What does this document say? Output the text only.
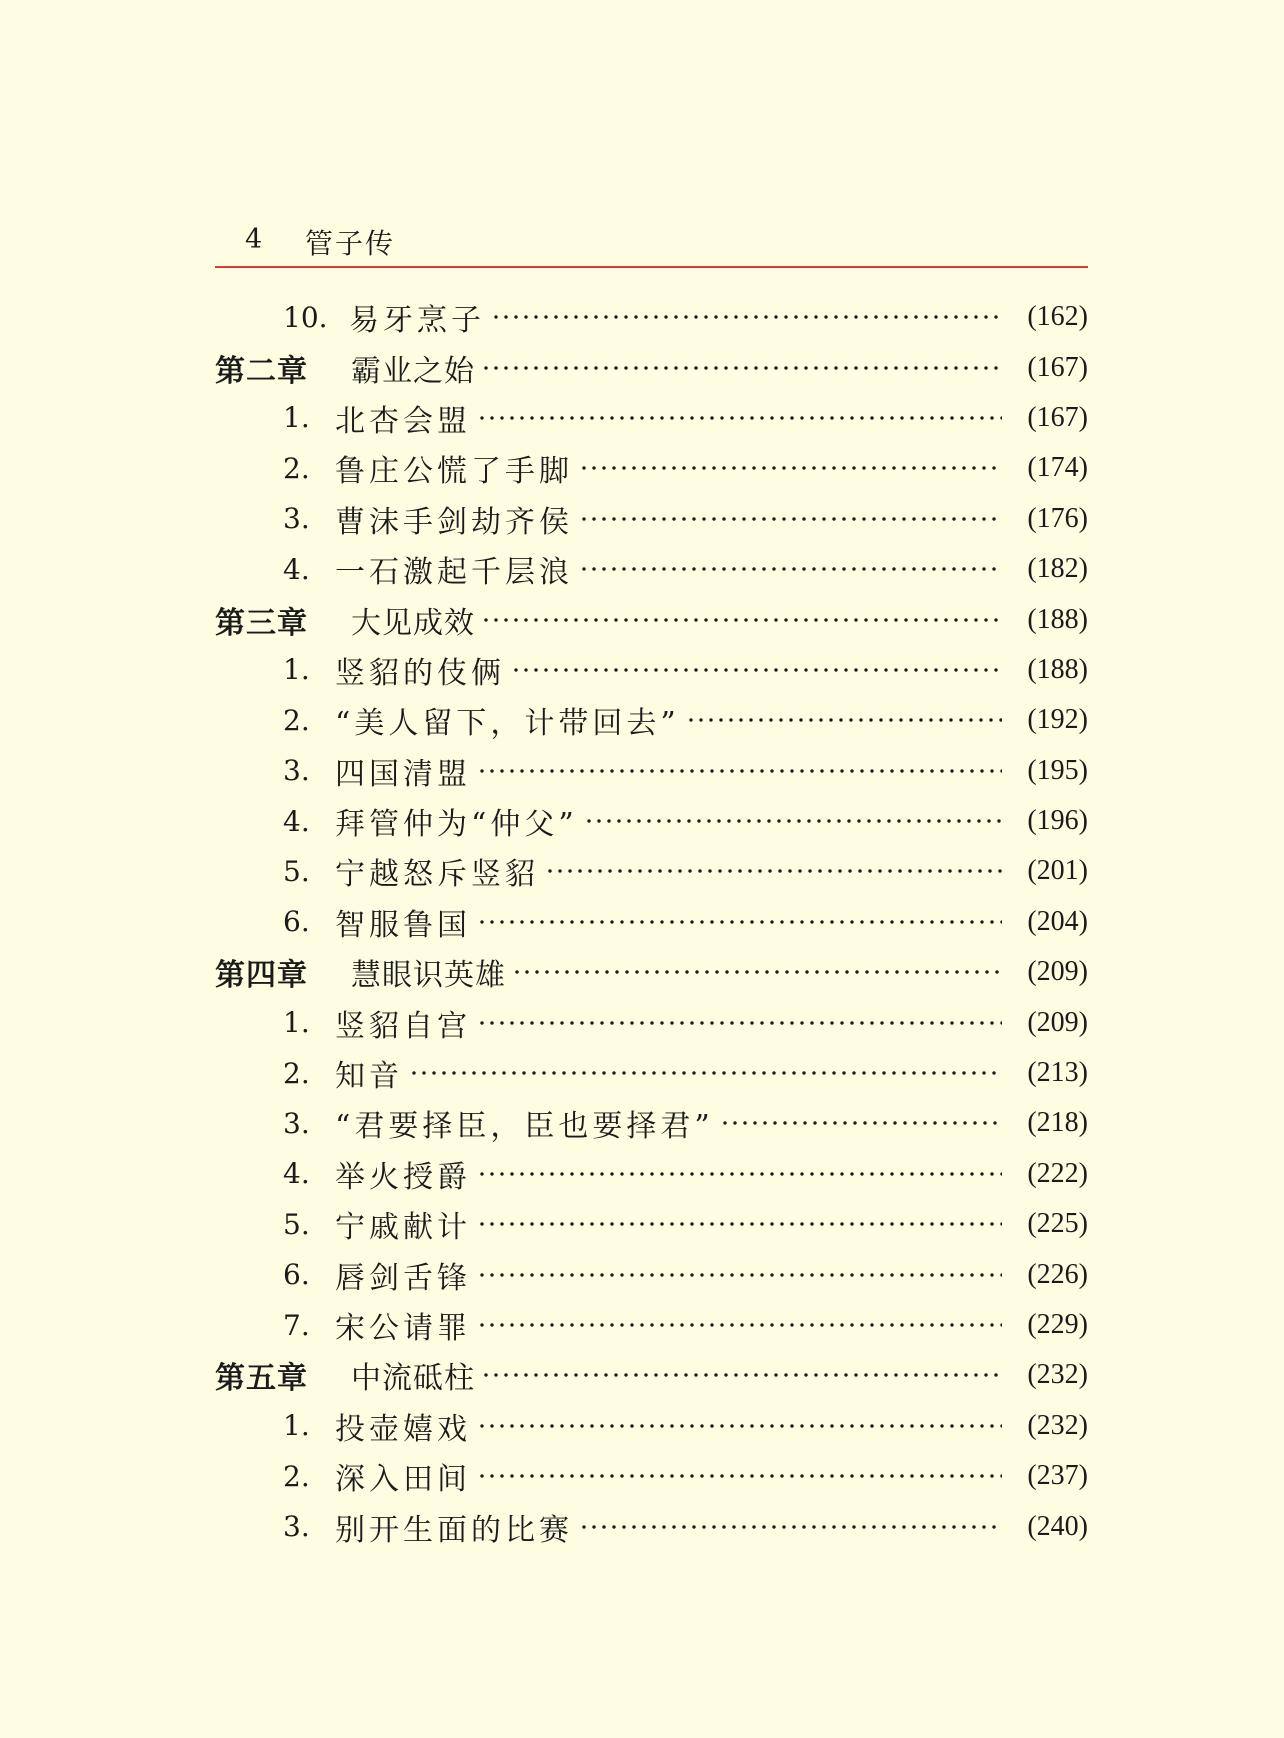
4 管子传
10. 易牙烹子	(162)
第二章	霸业之始	(167)
1. 北杏会盟	(167)
2. 鲁庄公慌了手脚	(174)
3. 曹沫手剑劫齐侯	(176)
4. 一石激起千层浪	(182)
第三章	大见成效	(188)
1. 竖貂的伎俩	(188)
2. “美人留下，计带回去”	(192)
3. 四国清盟	(195)
4. 拜管仲为“仲父”	(196)
5. 宁越怒斥竖貂	(201)
6. 智服鲁国	(204)
第四章	慧眼识英雄	(209)
1. 竖貂自宫	(209)
2. 知音	(213)
3. “君要择臣，臣也要择君”	(218)
4. 举火授爵	(222)
5. 宁戚献计	(225)
6. 唇剑舌锋	(226)
7. 宋公请罪	(229)
第五章	中流砥柱	(232)
1. 投壶嬉戏	(232)
2. 深入田间	(237)
3. 别开生面的比赛	(240)
